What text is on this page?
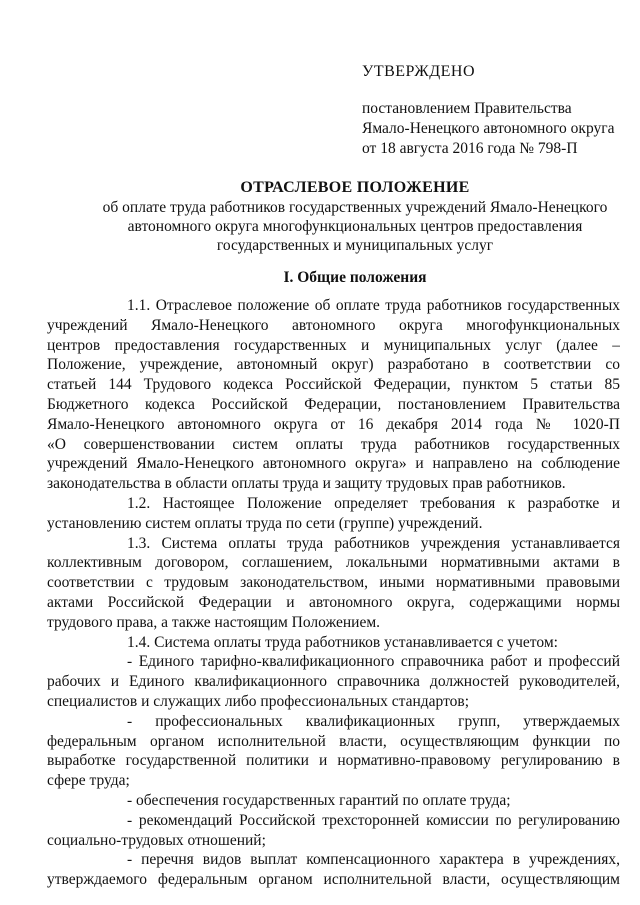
УТВЕРЖДЕНО
постановлением Правительства
Ямало-Ненецкого автономного округа
от 18 августа 2016 года № 798-П
ОТРАСЛЕВОЕ ПОЛОЖЕНИЕ
об оплате труда работников государственных учреждений Ямало-Ненецкого
автономного округа многофункциональных центров предоставления
государственных и муниципальных услуг
I. Общие положения
1.1. Отраслевое положение об оплате труда работников государственных
учреждений Ямало-Ненецкого автономного округа многофункциональных
центров предоставления государственных и муниципальных услуг (далее –
Положение, учреждение, автономный округ) разработано в соответствии со
статьей 144 Трудового кодекса Российской Федерации, пунктом 5 статьи 85
Бюджетного кодекса Российской Федерации, постановлением Правительства
Ямало-Ненецкого автономного округа от 16 декабря 2014 года № 1020-П
«О совершенствовании систем оплаты труда работников государственных
учреждений Ямало-Ненецкого автономного округа» и направлено на соблюдение
законодательства в области оплаты труда и защиту трудовых прав работников.
1.2. Настоящее Положение определяет требования к разработке и
установлению систем оплаты труда по сети (группе) учреждений.
1.3. Система оплаты труда работников учреждения устанавливается
коллективным договором, соглашением, локальными нормативными актами в
соответствии с трудовым законодательством, иными нормативными правовыми
актами Российской Федерации и автономного округа, содержащими нормы
трудового права, а также настоящим Положением.
1.4. Система оплаты труда работников устанавливается с учетом:
- Единого тарифно-квалификационного справочника работ и профессий
рабочих и Единого квалификационного справочника должностей руководителей,
специалистов и служащих либо профессиональных стандартов;
- профессиональных квалификационных групп, утверждаемых
федеральным органом исполнительной власти, осуществляющим функции по
выработке государственной политики и нормативно-правовому регулированию в
сфере труда;
- обеспечения государственных гарантий по оплате труда;
- рекомендаций Российской трехсторонней комиссии по регулированию
социально-трудовых отношений;
- перечня видов выплат компенсационного характера в учреждениях,
утверждаемого федеральным органом исполнительной власти, осуществляющим
